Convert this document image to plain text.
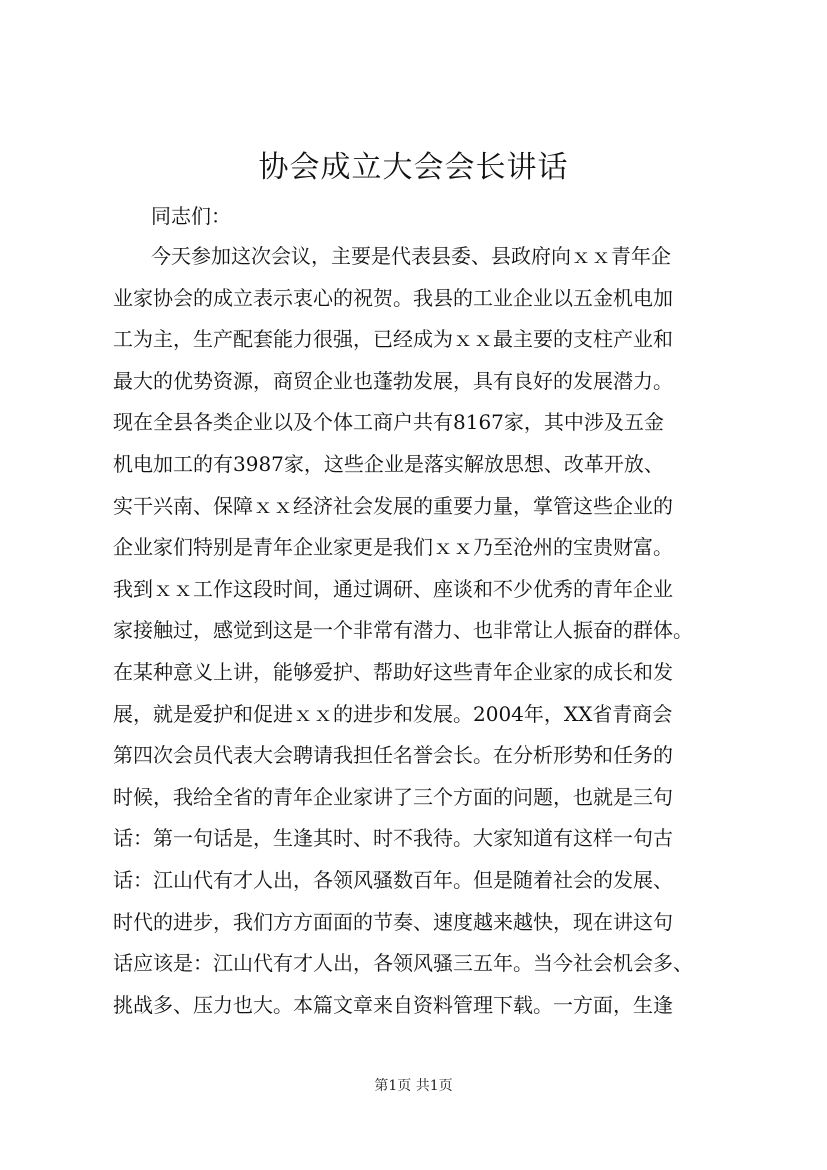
协会成立大会会长讲话

同志们：

今天参加这次会议，主要是代表县委、县政府向ｘｘ青年企
业家协会的成立表示衷心的祝贺。我县的工业企业以五金机电加
工为主，生产配套能力很强，已经成为ｘｘ最主要的支柱产业和
最大的优势资源，商贸企业也蓬勃发展，具有良好的发展潜力。
现在全县各类企业以及个体工商户共有8167家，其中涉及五金
机电加工的有3987家，这些企业是落实解放思想、改革开放、
实干兴南、保障ｘｘ经济社会发展的重要力量，掌管这些企业的
企业家们特别是青年企业家更是我们ｘｘ乃至沧州的宝贵财富。
我到ｘｘ工作这段时间，通过调研、座谈和不少优秀的青年企业
家接触过，感觉到这是一个非常有潜力、也非常让人振奋的群体。
在某种意义上讲，能够爱护、帮助好这些青年企业家的成长和发
展，就是爱护和促进ｘｘ的进步和发展。2004年，XX省青商会
第四次会员代表大会聘请我担任名誉会长。在分析形势和任务的
时候，我给全省的青年企业家讲了三个方面的问题，也就是三句
话：第一句话是，生逢其时、时不我待。大家知道有这样一句古
话：江山代有才人出，各领风骚数百年。但是随着社会的发展、
时代的进步，我们方方面面的节奏、速度越来越快，现在讲这句
话应该是：江山代有才人出，各领风骚三五年。当今社会机会多、
挑战多、压力也大。本篇文章来自资料管理下载。一方面，生逢
第1页 共1页
